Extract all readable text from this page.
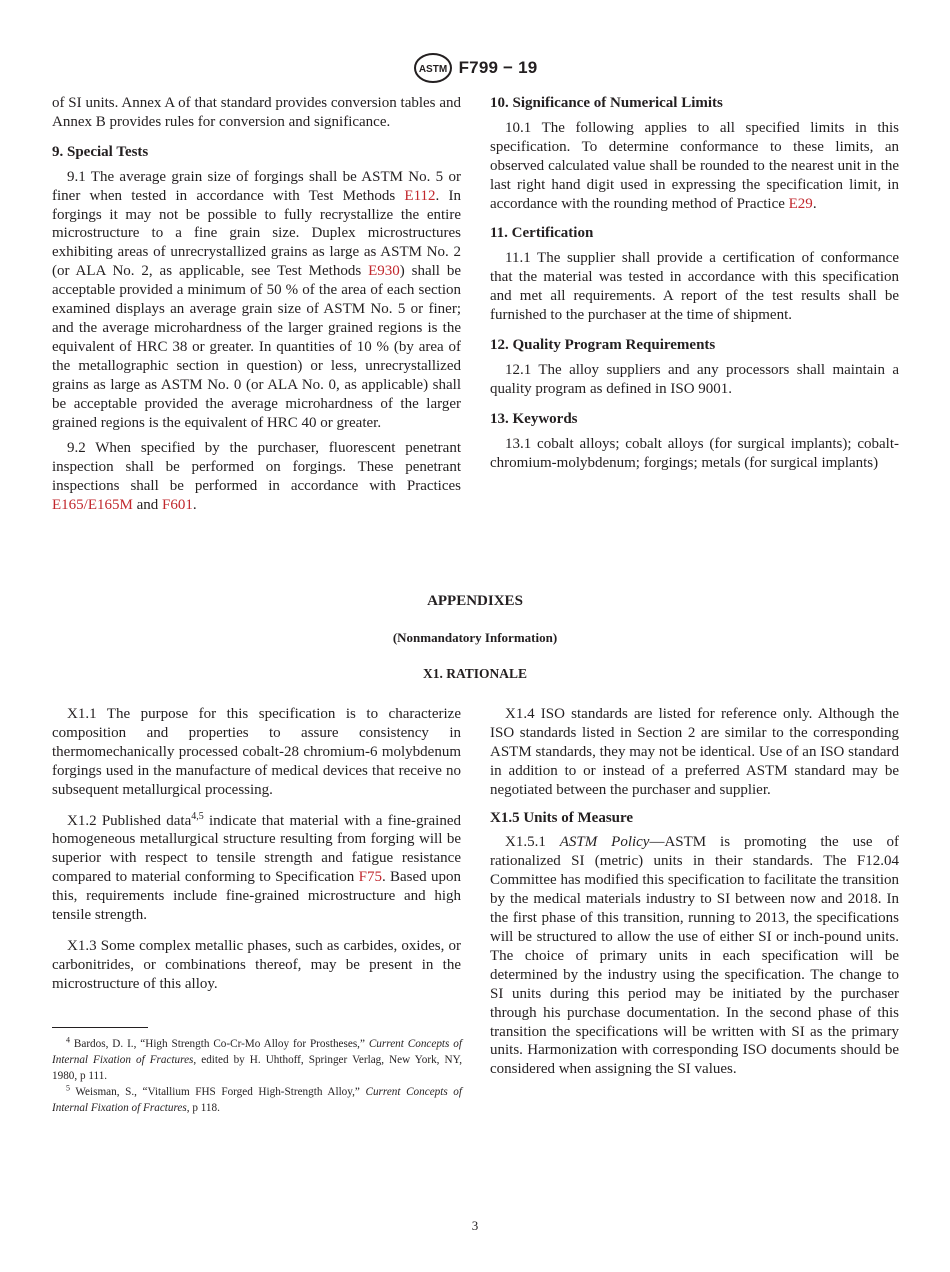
ASTM F799 − 19

of SI units. Annex A of that standard provides conversion tables and Annex B provides rules for conversion and significance.

9. Special Tests

9.1 The average grain size of forgings shall be ASTM No. 5 or finer when tested in accordance with Test Methods E112. In forgings it may not be possible to fully recrystallize the entire microstructure to a fine grain size. Duplex microstructures exhibiting areas of unrecrystallized grains as large as ASTM No. 2 (or ALA No. 2, as applicable, see Test Methods E930) shall be acceptable provided a minimum of 50 % of the area of each section examined displays an average grain size of ASTM No. 5 or finer; and the average microhardness of the larger grained regions is the equivalent of HRC 38 or greater. In quantities of 10 % (by area of the metallographic section in question) or less, unrecrystallized grains as large as ASTM No. 0 (or ALA No. 0, as applicable) shall be acceptable provided the average microhardness of the larger grained regions is the equivalent of HRC 40 or greater.

9.2 When specified by the purchaser, fluorescent penetrant inspection shall be performed on forgings. These penetrant inspections shall be performed in accordance with Practices E165/E165M and F601.

10. Significance of Numerical Limits

10.1 The following applies to all specified limits in this specification. To determine conformance to these limits, an observed calculated value shall be rounded to the nearest unit in the last right hand digit used in expressing the specification limit, in accordance with the rounding method of Practice E29.

11. Certification

11.1 The supplier shall provide a certification of conformance that the material was tested in accordance with this specification and met all requirements. A report of the test results shall be furnished to the purchaser at the time of shipment.

12. Quality Program Requirements

12.1 The alloy suppliers and any processors shall maintain a quality program as defined in ISO 9001.

13. Keywords

13.1 cobalt alloys; cobalt alloys (for surgical implants); cobalt-chromium-molybdenum; forgings; metals (for surgical implants)

APPENDIXES
(Nonmandatory Information)
X1. RATIONALE

X1.1 The purpose for this specification is to characterize composition and properties to assure consistency in thermomechanically processed cobalt-28 chromium-6 molybdenum forgings used in the manufacture of medical devices that receive no subsequent metallurgical processing.

X1.2 Published data$^{4,5}$ indicate that material with a fine-grained homogeneous metallurgical structure resulting from forging will be superior with respect to tensile strength and fatigue resistance compared to material conforming to Specification F75. Based upon this, requirements include fine-grained microstructure and high tensile strength.

X1.3 Some complex metallic phases, such as carbides, oxides, or carbonitrides, or combinations thereof, may be present in the microstructure of this alloy.

X1.4 ISO standards are listed for reference only. Although the ISO standards listed in Section 2 are similar to the corresponding ASTM standards, they may not be identical. Use of an ISO standard in addition to or instead of a preferred ASTM standard may be negotiated between the purchaser and supplier.

X1.5 Units of Measure

X1.5.1 ASTM Policy—ASTM is promoting the use of rationalized SI (metric) units in their standards. The F12.04 Committee has modified this specification to facilitate the transition by the medical materials industry to SI between now and 2018. In the first phase of this transition, running to 2013, the specifications will be structured to allow the use of either SI or inch-pound units. The choice of primary units in each specification will be determined by the industry using the specification. The change to SI units during this period may be initiated by the purchaser through his purchase documentation. In the second phase of this transition the specifications will be written with SI as the primary units. Harmonization with corresponding ISO documents should be considered when assigning the SI values.

$^4$ Bardos, D. I., “High Strength Co-Cr-Mo Alloy for Prostheses,” Current Concepts of Internal Fixation of Fractures, edited by H. Uhthoff, Springer Verlag, New York, NY, 1980, p 111.

$^5$ Weisman, S., “Vitallium FHS Forged High-Strength Alloy,” Current Concepts of Internal Fixation of Fractures, p 118.

3
